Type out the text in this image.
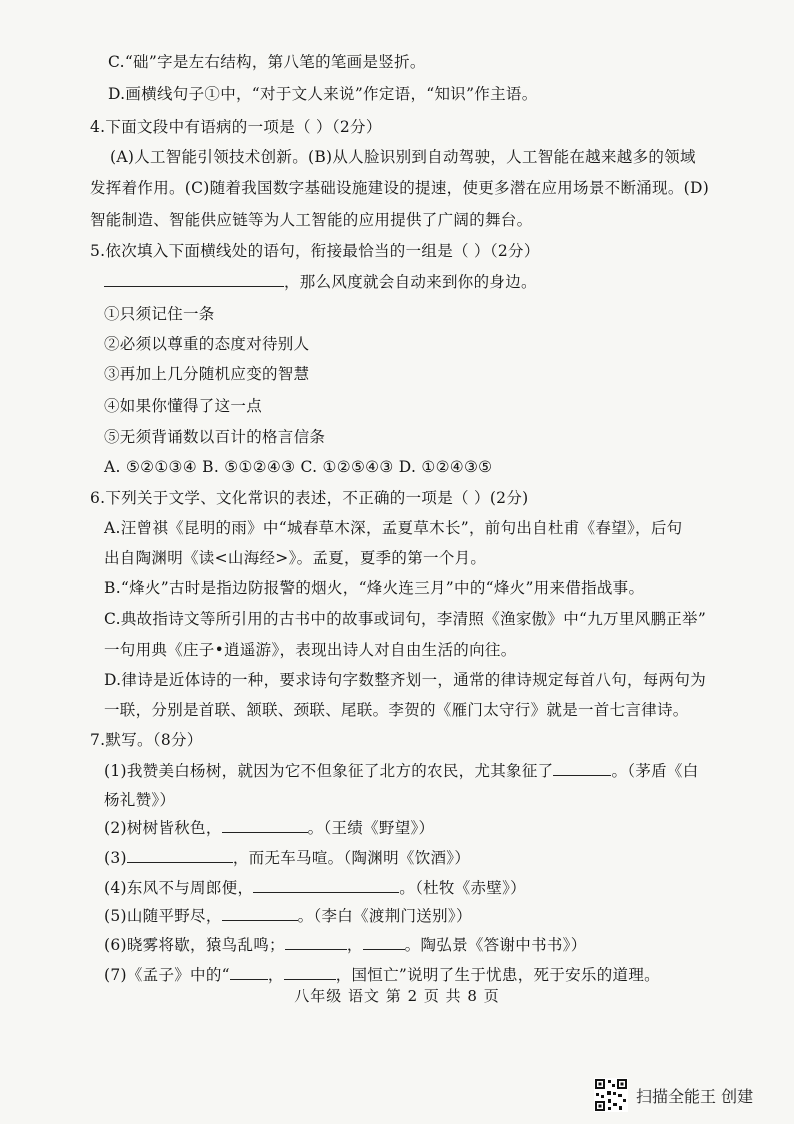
C.“础”字是左右结构，第八笔的笔画是竖折。
D.画横线句子①中，“对于文人来说”作定语，“知识”作主语。
4.下面文段中有语病的一项是（ ）（2分）
(A)人工智能引领技术创新。(B)从人脸识别到自动驾驶，人工智能在越来越多的领域
发挥着作用。(C)随着我国数字基础设施建设的提速，使更多潜在应用场景不断涌现。(D)
智能制造、智能供应链等为人工智能的应用提供了广阔的舞台。
5.依次填入下面横线处的语句，衔接最恰当的一组是（ ）（2分）
，那么风度就会自动来到你的身边。
①只须记住一条
②必须以尊重的态度对待别人
③再加上几分随机应变的智慧
④如果你懂得了这一点
⑤无须背诵数以百计的格言信条
A. ⑤②①③④ B. ⑤①②④③ C. ①②⑤④③ D. ①②④③⑤
6.下列关于文学、文化常识的表述，不正确的一项是（ ）(2分)
A.汪曾祺《昆明的雨》中“城春草木深，孟夏草木长”，前句出自杜甫《春望》，后句
出自陶渊明《读<山海经>》。孟夏，夏季的第一个月。
B.“烽火”古时是指边防报警的烟火，“烽火连三月”中的“烽火”用来借指战事。
C.典故指诗文等所引用的古书中的故事或词句，李清照《渔家傲》中“九万里风鹏正举”
一句用典《庄子•逍遥游》，表现出诗人对自由生活的向往。
D.律诗是近体诗的一种，要求诗句字数整齐划一，通常的律诗规定每首八句，每两句为
一联，分别是首联、颔联、颈联、尾联。李贺的《雁门太守行》就是一首七言律诗。
7.默写。（8分）
(1)我赞美白杨树，就因为它不但象征了北方的农民，尤其象征了	。（茅盾《白
杨礼赞》）
(2)树树皆秋色，	。（王绩《野望》）
(3)	，而无车马喧。（陶渊明《饮酒》）
(4)东风不与周郎便，	。（杜牧《赤壁》）
(5)山随平野尽，	。（李白《渡荆门送别》）
(6)晓雾将歇，猿鸟乱鸣；	，	。陶弘景《答谢中书书》）
(7)《孟子》中的“ ，	，国恒亡”说明了生于忧患，死于安乐的道理。
八年级 语文 第 2 页 共 8 页
扫描全能王 创建
